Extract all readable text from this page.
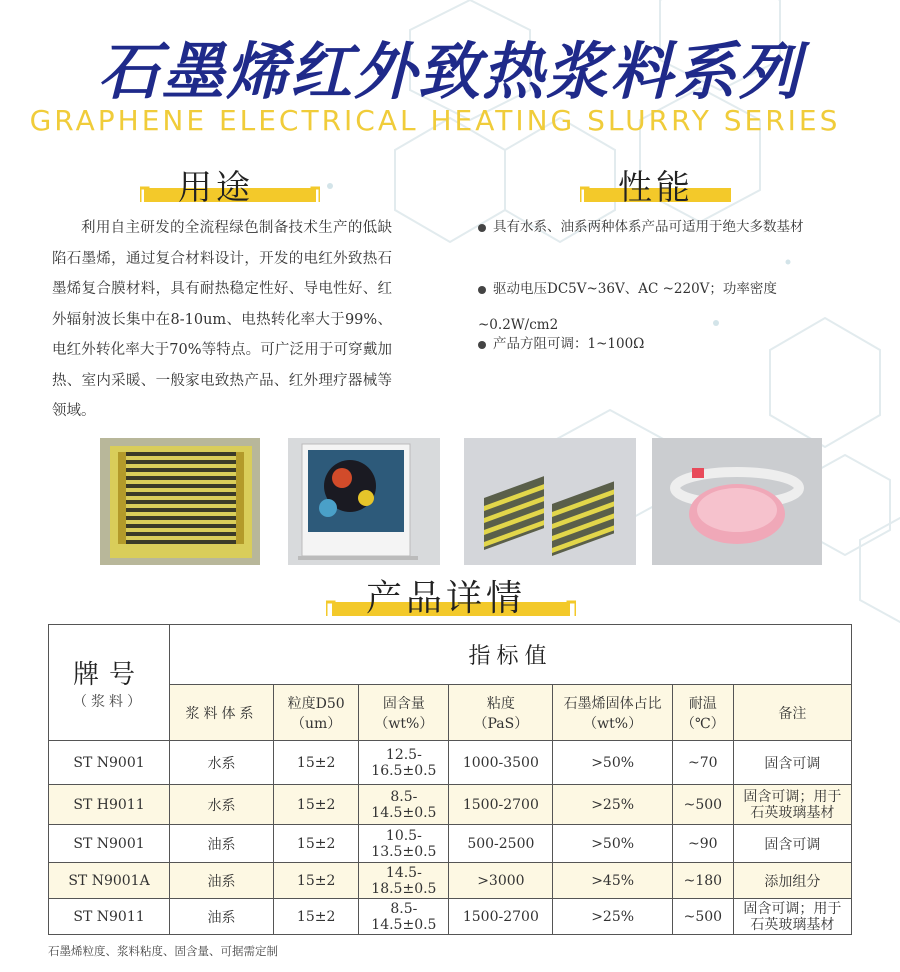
石墨烯红外致热浆料系列
GRAPHENE ELECTRICAL HEATING SLURRY SERIES
用途	性能
利用自主研发的全流程绿色制备技术生产的低缺陷石墨烯，通过复合材料设计，开发的电红外致热石墨烯复合膜材料，具有耐热稳定性好、导电性好、红外辐射波长集中在8-10um、电热转化率大于99%、电红外转化率大于70%等特点。可广泛用于可穿戴加热、室内采暖、一般家电致热产品、红外理疗器械等领域。
具有水系、油系两种体系产品可适用于绝大多数基材
驱动电压DC5V~36V、AC ~220V；功率密度~0.2W/cm2
产品方阻可调：1~100Ω
产品详情
牌号
（浆料）	指标值						
	浆料体系	粒度D50（um）	固含量（wt%）	粘度（PaS）	石墨烯固体占比（wt%）	耐温（℃）	备注
ST N9001	水系	15±2	12.5-16.5±0.5	1000-3500	>50%	~70	固含可调
ST H9011	水系	15±2	8.5-14.5±0.5	1500-2700	>25%	~500	固含可调；用于石英玻璃基材
ST N9001	油系	15±2	10.5-13.5±0.5	500-2500	>50%	~90	固含可调
ST N9001A	油系	15±2	14.5-18.5±0.5	>3000	>45%	~180	添加组分
ST N9011	油系	15±2	8.5-14.5±0.5	1500-2700	>25%	~500	固含可调；用于石英玻璃基材
石墨烯粒度、浆料粘度、固含量、可据需定制
